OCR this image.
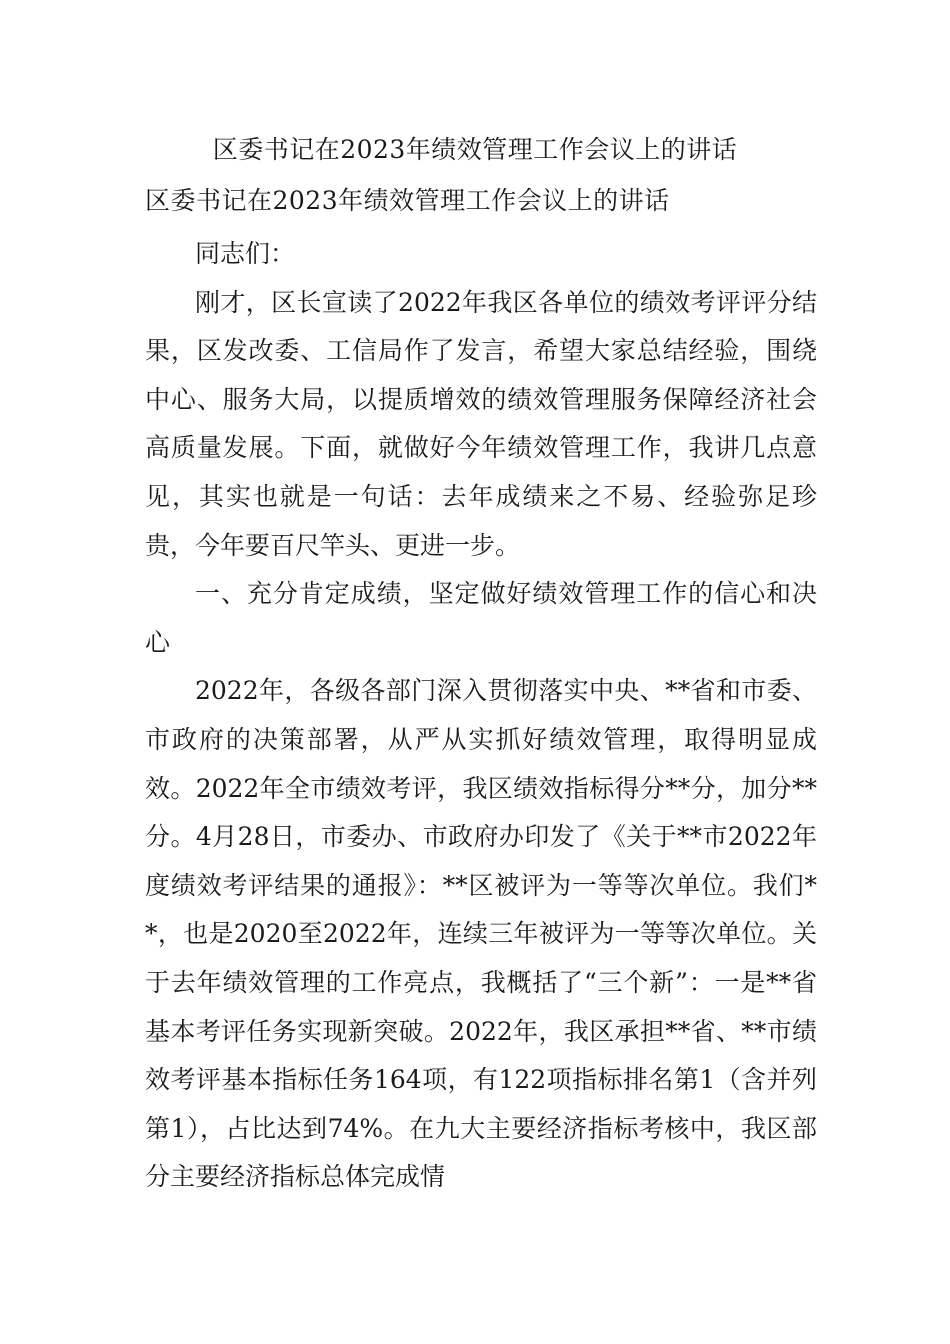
区委书记在2023年绩效管理工作会议上的讲话
区委书记在2023年绩效管理工作会议上的讲话

同志们：

刚才，区长宣读了2022年我区各单位的绩效考评评分结果，区发改委、工信局作了发言，希望大家总结经验，围绕中心、服务大局，以提质增效的绩效管理服务保障经济社会高质量发展。下面，就做好今年绩效管理工作，我讲几点意见，其实也就是一句话：去年成绩来之不易、经验弥足珍贵，今年要百尺竿头、更进一步。

一、充分肯定成绩，坚定做好绩效管理工作的信心和决心

2022年，各级各部门深入贯彻落实中央、**省和市委、市政府的决策部署，从严从实抓好绩效管理，取得明显成效。2022年全市绩效考评，我区绩效指标得分**分，加分**分。4月28日，市委办、市政府办印发了《关于**市2022年度绩效考评结果的通报》：**区被评为一等等次单位。我们**，也是2020至2022年，连续三年被评为一等等次单位。关于去年绩效管理的工作亮点，我概括了“三个新”：一是**省基本考评任务实现新突破。2022年，我区承担**省、**市绩效考评基本指标任务164项，有122项指标排名第1（含并列第1），占比达到74%。在九大主要经济指标考核中，我区部分主要经济指标总体完成情
